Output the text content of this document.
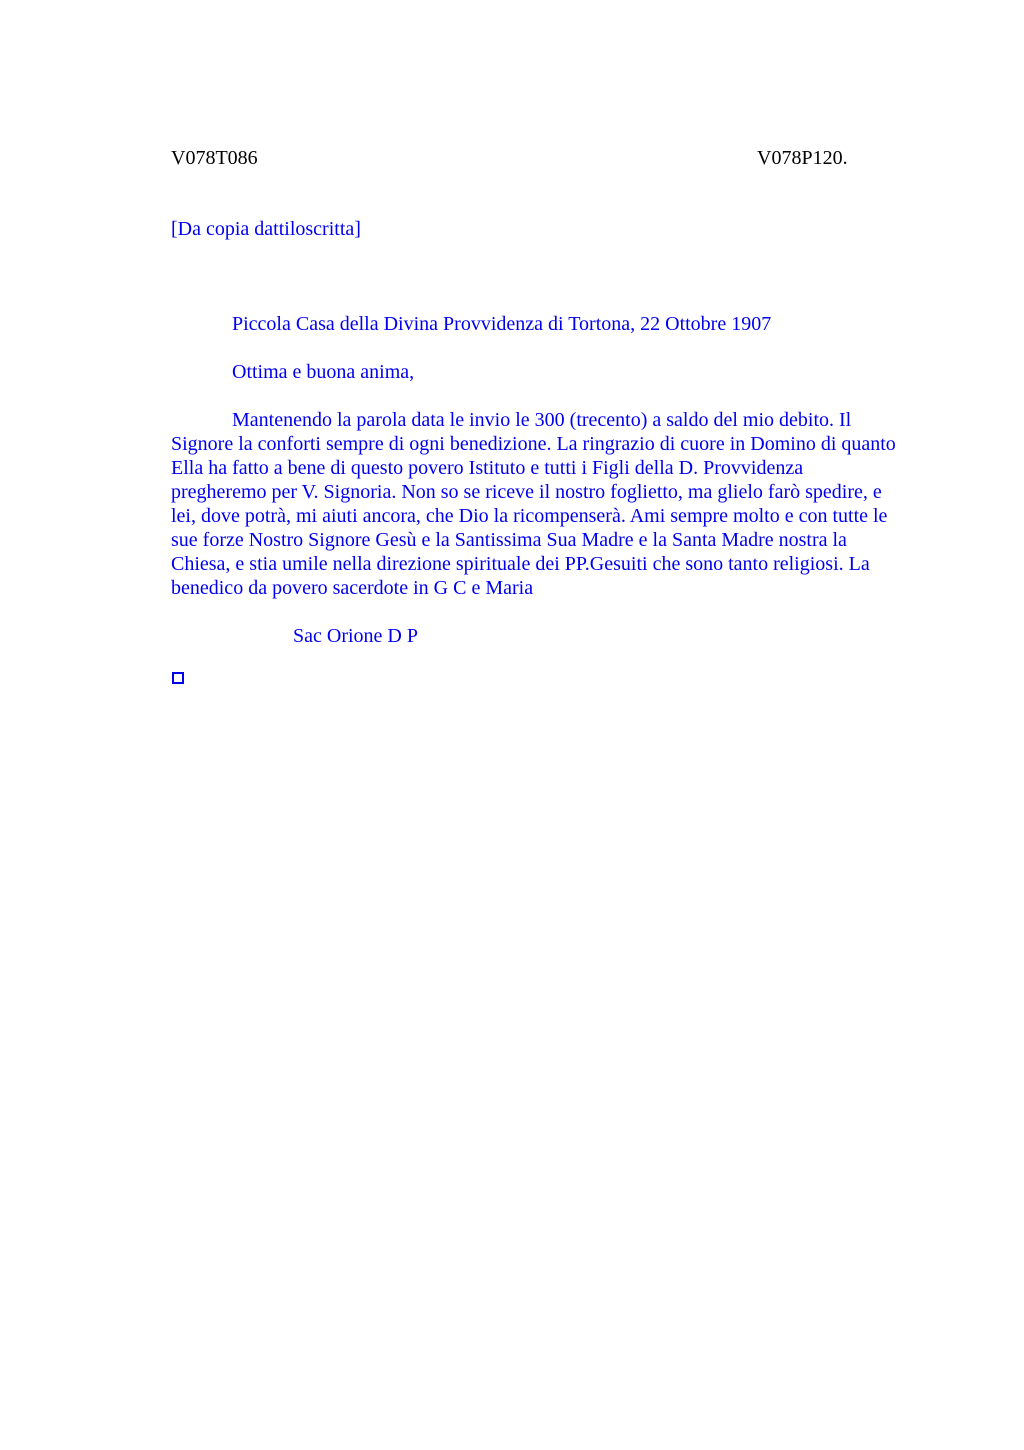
V078T086	V078P120.
[Da copia dattiloscritta]

Piccola Casa della Divina Provvidenza di Tortona, 22 Ottobre 1907

Ottima e buona anima,

Mantenendo la parola data le invio le 300 (trecento) a saldo del mio debito. Il
Signore la conforti sempre di ogni benedizione. La ringrazio di cuore in Domino di quanto
Ella ha fatto a bene di questo povero Istituto e tutti i Figli della D. Provvidenza
pregheremo per V. Signoria. Non so se riceve il nostro foglietto, ma glielo farò spedire, e
lei, dove potrà, mi aiuti ancora, che Dio la ricompenserà. Ami sempre molto e con tutte le
sue forze Nostro Signore Gesù e la Santissima Sua Madre e la Santa Madre nostra la
Chiesa, e stia umile nella direzione spirituale dei PP.Gesuiti che sono tanto religiosi. La
benedico da povero sacerdote in G C e Maria

Sac Orione D P
